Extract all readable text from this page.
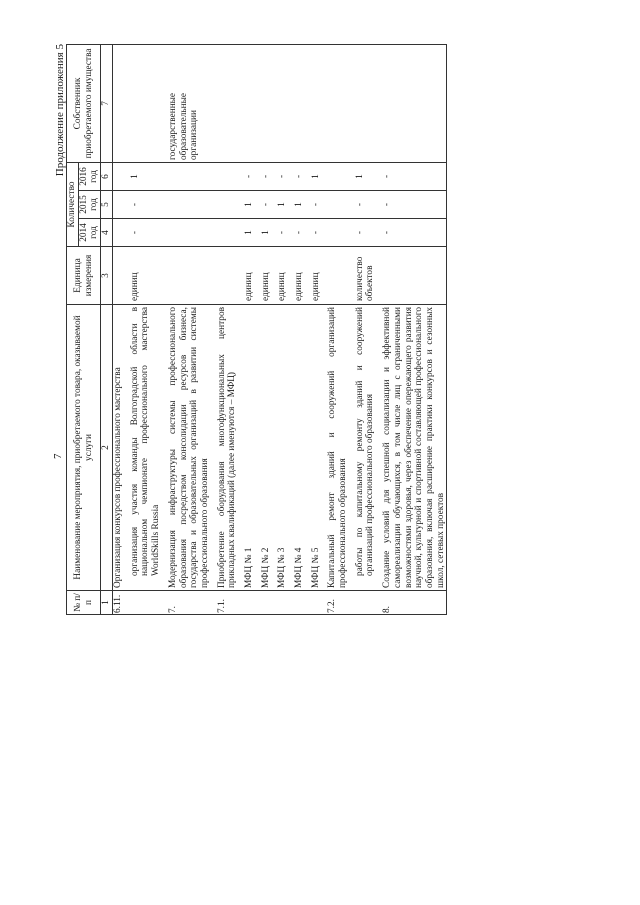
7
Продолжение приложения 5
№ п/п	Наименование мероприятия, приобретаемого товара, оказываемой услуги	Единица измерения	Количество			Собственник приобретаемого имущества
			2014 год	2015 год	2016 год	
1	2	3	4	5	6	7
6.11.	Организация конкурсов профессионального мастерства					
	организация участия команды Волгоградской области в национальном чемпионате профессионального мастерства WorldSkills Russia	единиц	-	-	1	
7.	Модернизация инфраструктуры системы профессионального образования посредством консолидации ресурсов бизнеса, государства и образовательных организаций в развитии системы профессионального образования					государственные образовательные организации
7.1.	Приобретение оборудования многофункциональных центров прикладных квалификаций (далее именуются – МФЦ)					
	МФЦ № 1	единиц	1	1	-	
	МФЦ № 2	единиц	1	-	-	
	МФЦ № 3	единиц	-	1	-	
	МФЦ № 4	единиц	-	1	-	
	МФЦ № 5	единиц	-	-	1	
7.2.	Капитальный ремонт зданий и сооружений организаций профессионального образования					
	работы по капитальному ремонту зданий и сооружений организаций профессионального образования	количество объектов	-	-	1	
8.	Создание условий для успешной социализации и эффективной самореализации обучающихся, в том числе лиц с ограниченными возможностями здоровья, через обеспечение опережающего развития научной, культурной и спортивной составляющей профессионального образования, включая расширение практики конкурсов и сезонных школ, сетевых проектов		-	-	-	
